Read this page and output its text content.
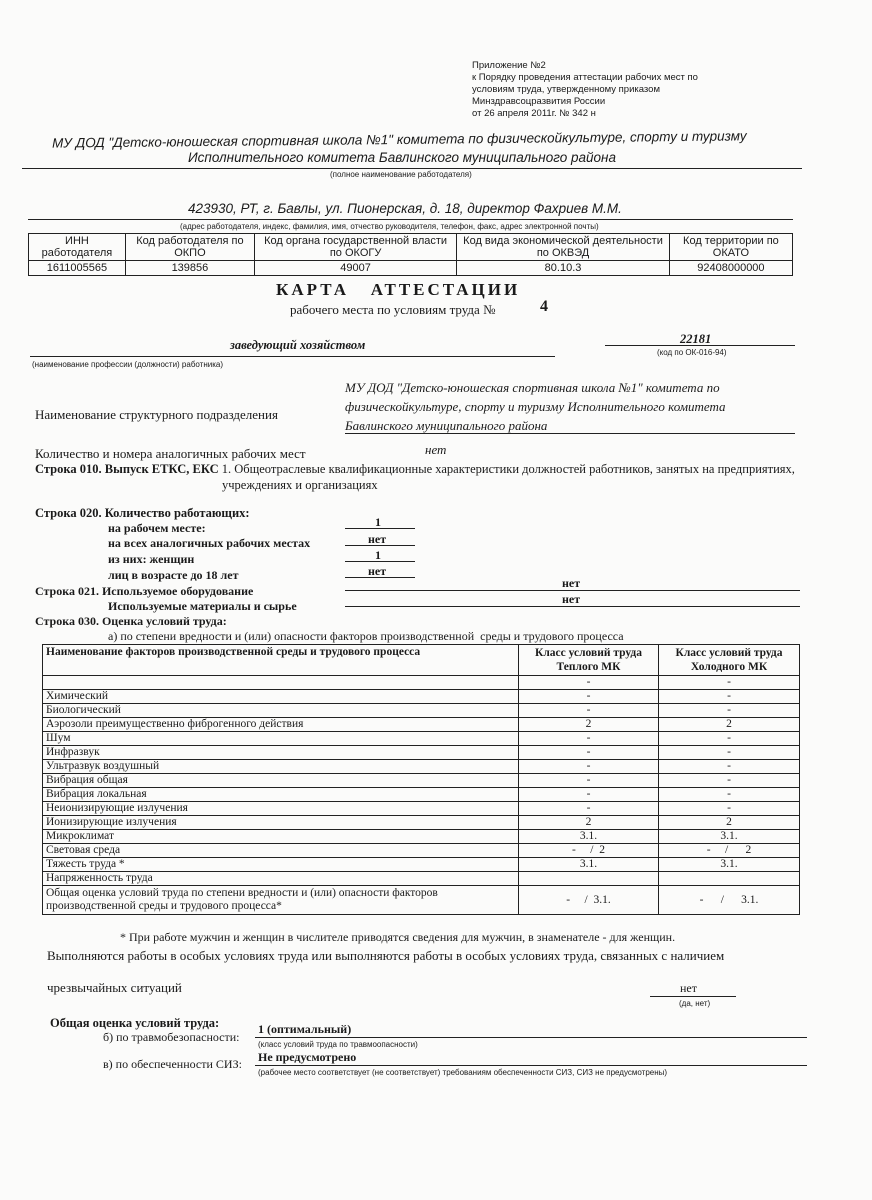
Приложение №2
к Порядку проведения аттестации рабочих мест по
условиям труда, утвержденному приказом
Минздравсоцразвития России
от 26 апреля 2011г. № 342 н
МУ ДОД "Детско-юношеская спортивная школа №1" комитета по физическойкультуре, спорту и туризму
Исполнительного комитета Бавлинского муниципального района
(полное наименование работодателя)
423930, РТ, г. Бавлы, ул. Пионерская, д. 18, директор Фахриев М.М.
(адрес работодателя, индекс, фамилия, имя, отчество руководителя, телефон, факс, адрес электронной почты)
ИНН работодателя	Код работодателя по ОКПО	Код органа государственной власти по ОКОГУ	Код вида экономической деятельности по ОКВЭД	Код территории по ОКАТО
1611005565	139856	49007	80.10.3	92408000000
КАРТА   АТТЕСТАЦИИ
рабочего места по условиям труда №	4
заведующий хозяйством
(наименование профессии (должности) работника)
22181
(код по ОК-016-94)
Наименование структурного подразделения
МУ ДОД "Детско-юношеская спортивная школа №1" комитета по
физическойкультуре, спорту и туризму Исполнительного комитета
Бавлинского муниципального района
Количество и номера аналогичных рабочих мест	нет
Строка 010. Выпуск ЕТКС, ЕКС 1. Общеотраслевые квалификационные характеристики должностей работников, занятых на предприятиях,
учреждениях и организациях
Строка 020. Количество работающих:
на рабочем месте:	1
на всех аналогичных рабочих местах	нет
из них: женщин	1
лиц в возрасте до 18 лет	нет
Строка 021. Используемое оборудование
нет
Используемые материалы и сырье	нет
Строка 030. Оценка условий труда:
а) по степени вредности и (или) опасности факторов производственной  среды и трудового процесса
Наименование факторов производственной среды и трудового процесса	Класс условий труда Теплого МК	Класс условий труда Холодного МК
	-	-
Химический	-	-
Биологический	-	-
Аэрозоли преимущественно фиброгенного действия	2	2
Шум	-	-
Инфразвук	-	-
Ультразвук воздушный	-	-
Вибрация общая	-	-
Вибрация локальная	-	-
Неионизирующие излучения	-	-
Ионизирующие излучения	2	2
Микроклимат	3.1.	3.1.
Световая среда	-     /  2	-     /      2
Тяжесть труда *	3.1.	3.1.
Напряженность труда		
Общая оценка условий труда по степени вредности и (или) опасности факторов производственной среды и трудового процесса*	-     /  3.1.	-      /      3.1.
* При работе мужчин и женщин в числителе приводятся сведения для мужчин, в знаменателе - для женщин.
Выполняются работы в особых условиях труда или выполняются работы в особых условиях труда, связанных с наличием
чрезвычайных ситуаций	нет
(да, нет)
Общая оценка условий труда:
б) по травмобезопасности:
1 (оптимальный)
(класс условий труда по травмоопасности)
в) по обеспеченности СИЗ: Не предусмотрено
(рабочее место соответствует (не соответствует) требованиям обеспеченности СИЗ, СИЗ не предусмотрены)
